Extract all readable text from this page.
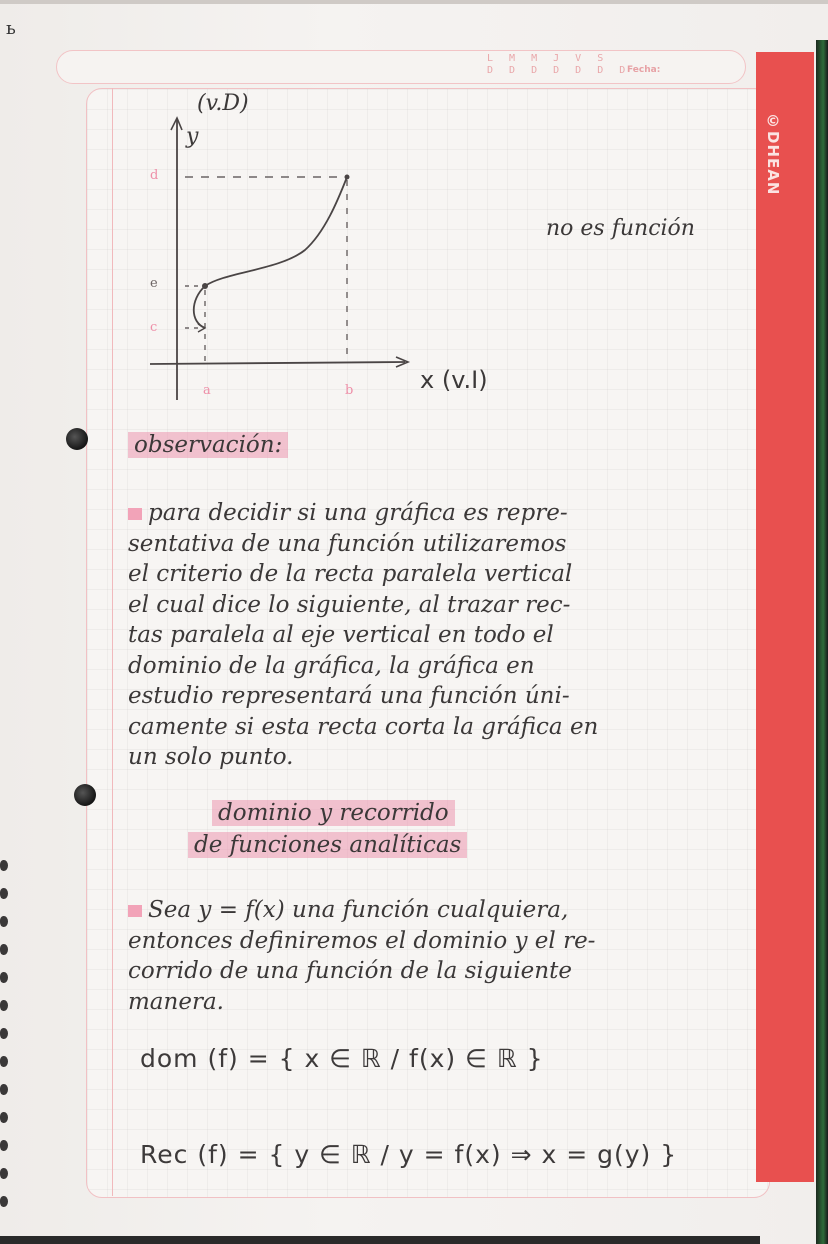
ь
L M M J V S
D D D D D D D
Fecha:
©DHEAN
(v.D)
y
d
e
c
a	b	x (v.I)
no es función
observación:
para decidir si una gráfica es repre-
sentativa de una función utilizaremos
el criterio de la recta paralela vertical
el cual dice lo siguiente, al trazar rec-
tas paralela al eje vertical en todo el
dominio de la gráfica, la gráfica en
estudio representará una función úni-
camente si esta recta corta la gráfica en
un solo punto.
dominio y recorrido
de funciones analíticas
Sea y = f(x) una función cualquiera,
entonces definiremos el dominio y el re-
corrido de una función de la siguiente
manera.
dom (f) = { x ∈ ℝ / f(x) ∈ ℝ }
Rec (f) = { y ∈ ℝ / y = f(x) ⇒ x = g(y) }
